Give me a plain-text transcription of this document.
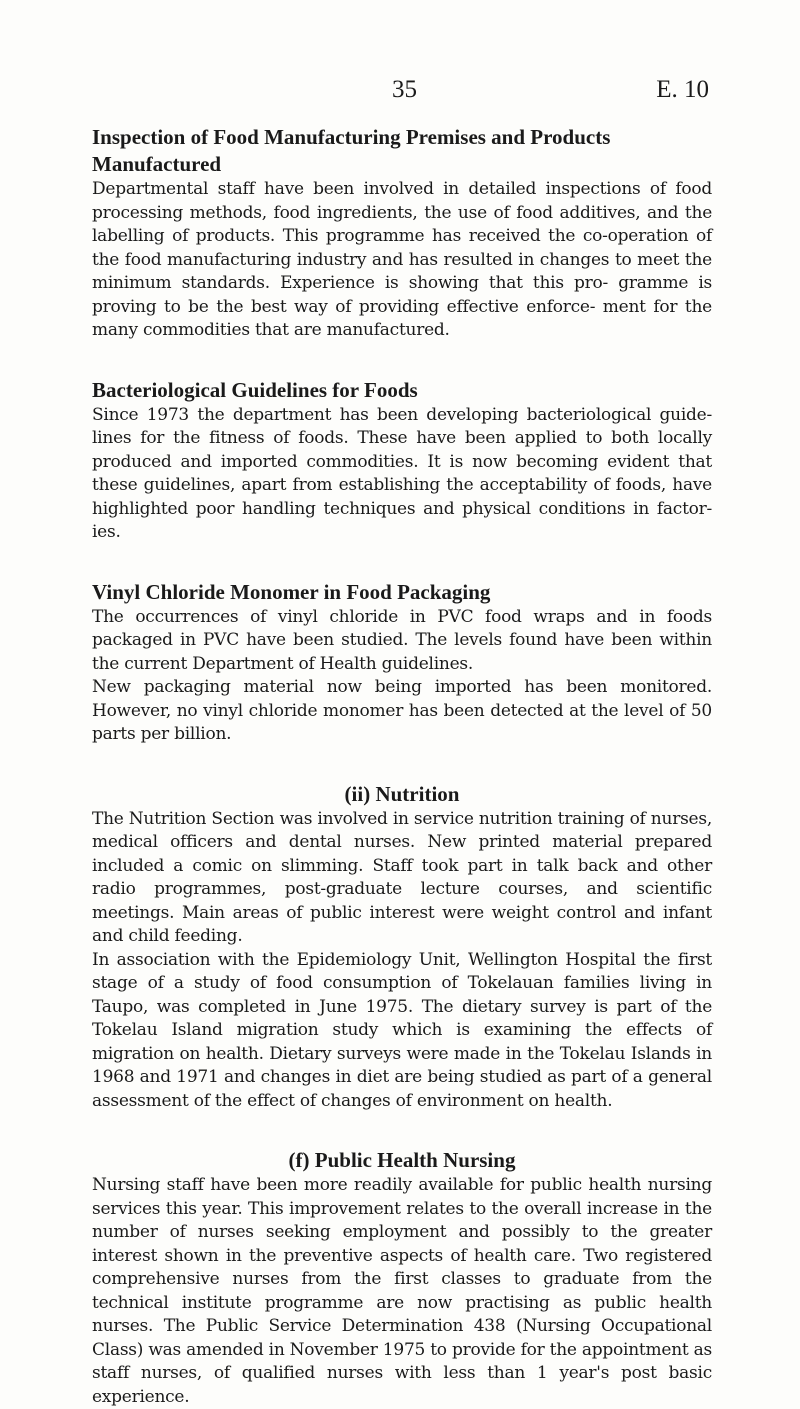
35	E. 10
Inspection of Food Manufacturing Premises and Products Manufactured

Departmental staff have been involved in detailed inspections of food processing methods, food ingredients, the use of food additives, and the labelling of products. This programme has received the co-operation of the food manufacturing industry and has resulted in changes to meet the minimum standards. Experience is showing that this pro- gramme is proving to be the best way of providing effective enforce- ment for the many commodities that are manufactured.

Bacteriological Guidelines for Foods

Since 1973 the department has been developing bacteriological guide- lines for the fitness of foods. These have been applied to both locally produced and imported commodities. It is now becoming evident that these guidelines, apart from establishing the acceptability of foods, have highlighted poor handling techniques and physical conditions in factor- ies.

Vinyl Chloride Monomer in Food Packaging

The occurrences of vinyl chloride in PVC food wraps and in foods packaged in PVC have been studied. The levels found have been within the current Department of Health guidelines.

New packaging material now being imported has been monitored. However, no vinyl chloride monomer has been detected at the level of 50 parts per billion.

(ii) Nutrition

The Nutrition Section was involved in service nutrition training of nurses, medical officers and dental nurses. New printed material prepared included a comic on slimming. Staff took part in talk back and other radio programmes, post-graduate lecture courses, and scientific meetings. Main areas of public interest were weight control and infant and child feeding.

In association with the Epidemiology Unit, Wellington Hospital the first stage of a study of food consumption of Tokelauan families living in Taupo, was completed in June 1975. The dietary survey is part of the Tokelau Island migration study which is examining the effects of migration on health. Dietary surveys were made in the Tokelau Islands in 1968 and 1971 and changes in diet are being studied as part of a general assessment of the effect of changes of environment on health.

(f) Public Health Nursing

Nursing staff have been more readily available for public health nursing services this year. This improvement relates to the overall increase in the number of nurses seeking employment and possibly to the greater interest shown in the preventive aspects of health care. Two registered comprehensive nurses from the first classes to graduate from the technical institute programme are now practising as public health nurses. The Public Service Determination 438 (Nursing Occupational Class) was amended in November 1975 to provide for the appointment as staff nurses, of qualified nurses with less than 1 year's post basic experience.
